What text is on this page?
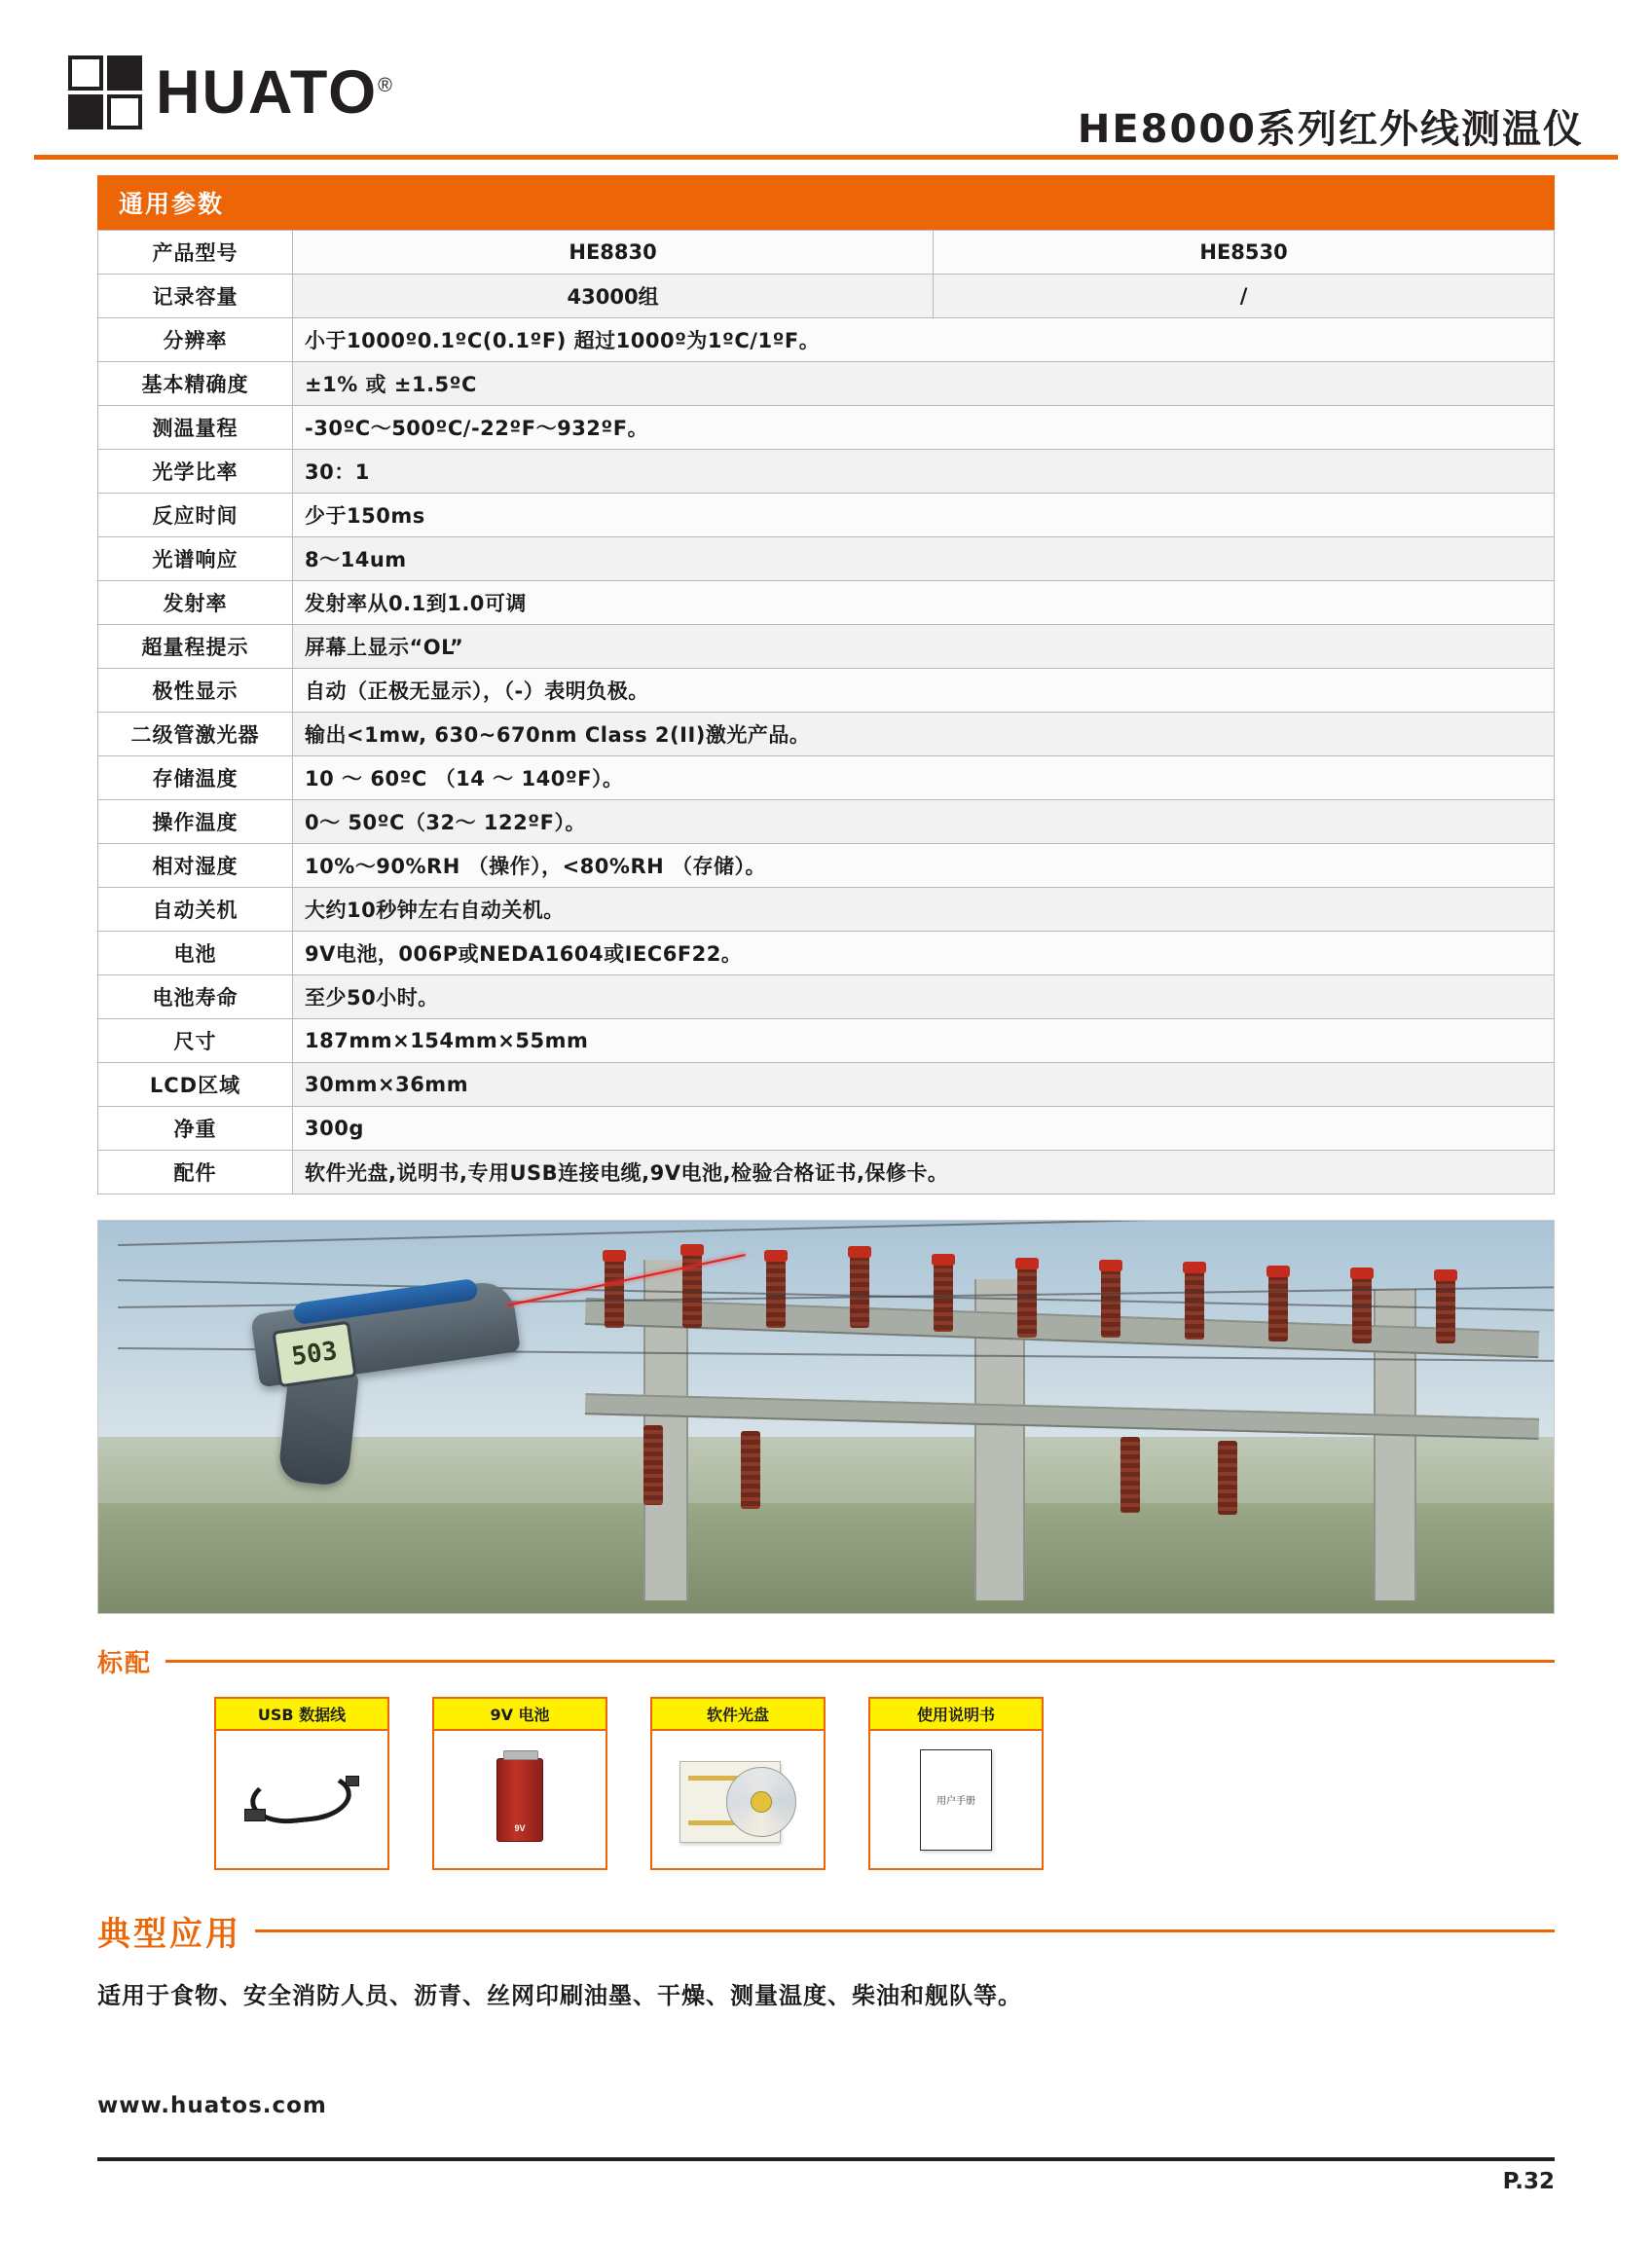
HUATO®
HE8000系列红外线测温仪
通用参数
产品型号	HE8830	HE8530
记录容量	43000组	/
分辨率	小于1000º0.1ºC(0.1ºF) 超过1000º为1ºC/1ºF。	
基本精确度	±1% 或 ±1.5ºC	
测温量程	-30ºC～500ºC/-22ºF～932ºF。	
光学比率	30：1	
反应时间	少于150ms	
光谱响应	8～14um	
发射率	发射率从0.1到1.0可调	
超量程提示	屏幕上显示“OL”	
极性显示	自动（正极无显示），（-）表明负极。	
二级管激光器	输出<1mw, 630~670nm Class 2(II)激光产品。	
存储温度	10 ～ 60ºC （14 ～ 140ºF）。	
操作温度	0～ 50ºC（32～ 122ºF）。	
相对湿度	10%～90%RH （操作），<80%RH （存储）。	
自动关机	大约10秒钟左右自动关机。	
电池	9V电池，006P或NEDA1604或IEC6F22。	
电池寿命	至少50小时。	
尺寸	187mm×154mm×55mm	
LCD区域	30mm×36mm	
净重	300g	
配件	软件光盘,说明书,专用USB连接电缆,9V电池,检验合格证书,保修卡。	
503
标配
USB 数据线	9V 电池
9V
软件光盘	使用说明书
用户手册
典型应用
适用于食物、安全消防人员、沥青、丝网印刷油墨、干燥、测量温度、柴油和舰队等。
www.huatos.com
P.32
